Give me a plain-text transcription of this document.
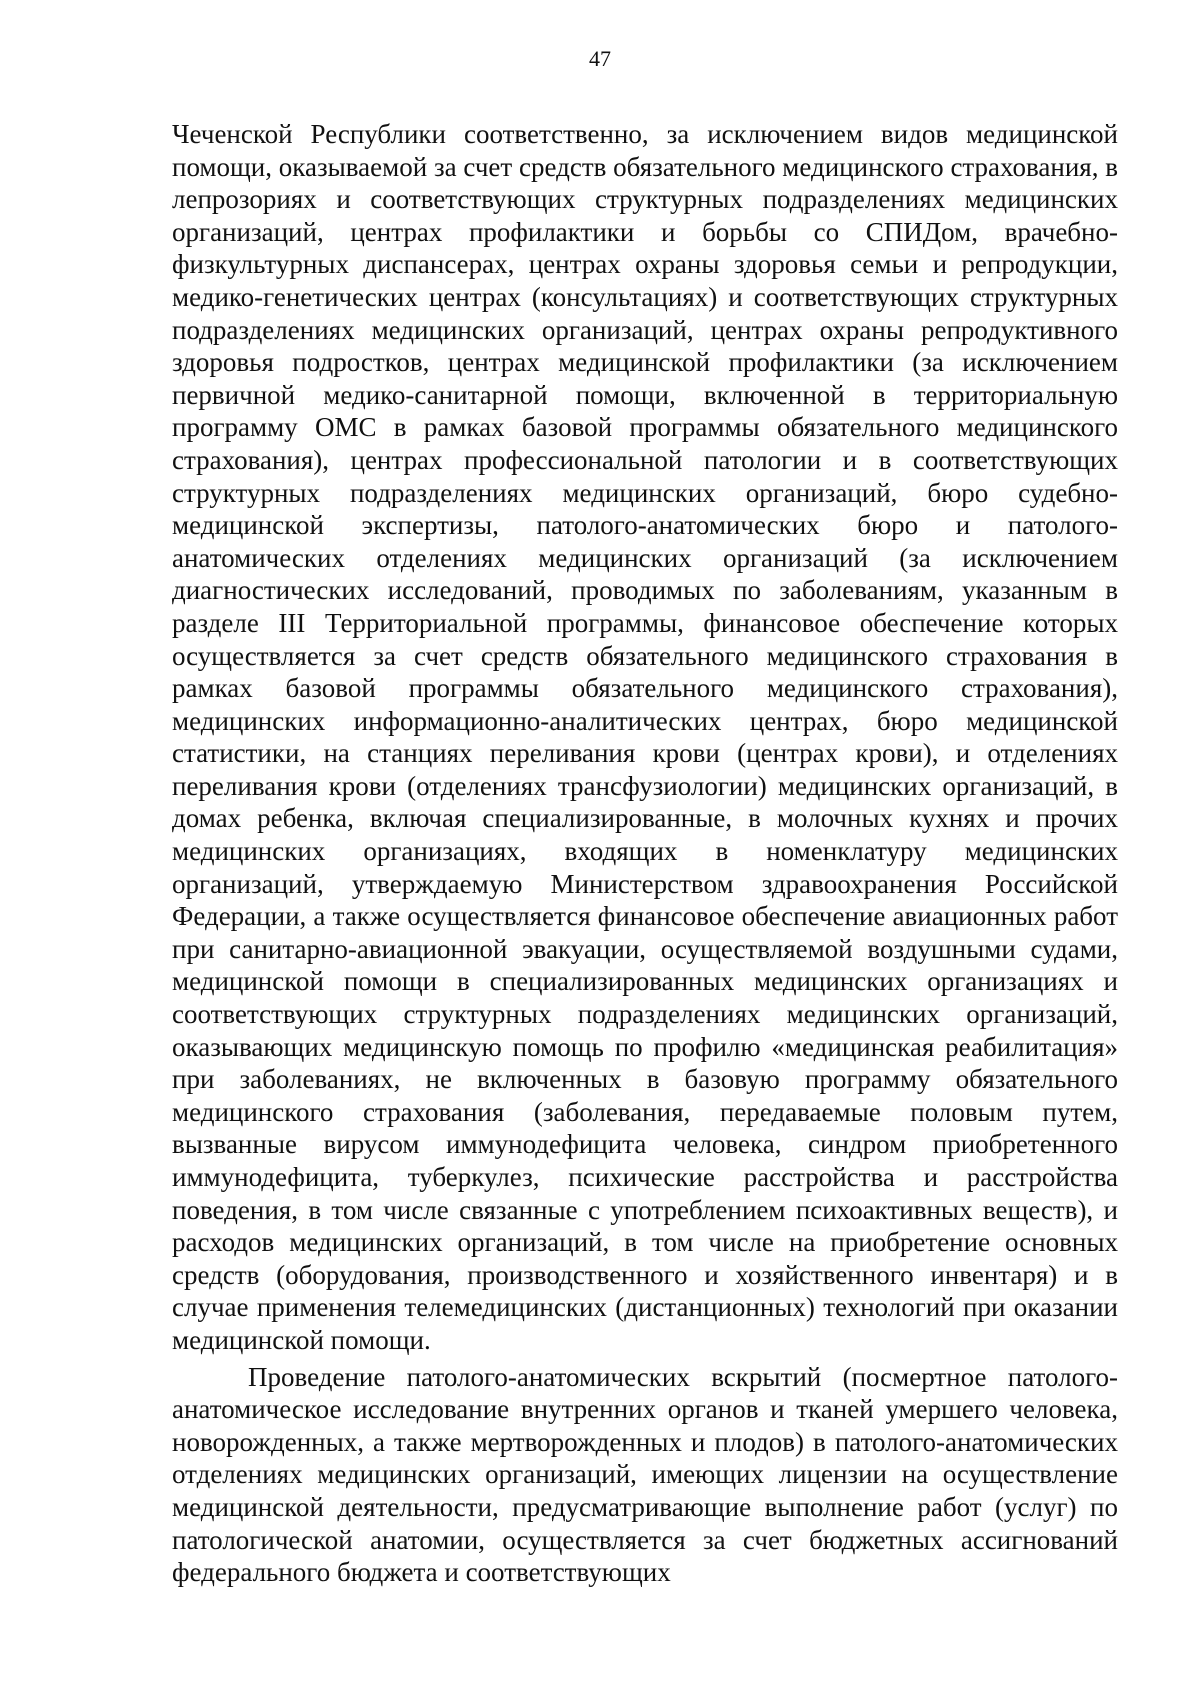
47

Чеченской Республики соответственно, за исключением видов медицинской помощи, оказываемой за счет средств обязательного медицинского страхования, в лепрозориях и соответствующих структурных подразделениях медицинских организаций, центрах профилактики и борьбы со СПИДом, врачебно-физкультурных диспансерах, центрах охраны здоровья семьи и репродукции, медико-генетических центрах (консультациях) и соответствующих структурных подразделениях медицинских организаций, центрах охраны репродуктивного здоровья подростков, центрах медицинской профилактики (за исключением первичной медико-санитарной помощи, включенной в территориальную программу ОМС в рамках базовой программы обязательного медицинского страхования), центрах профессиональной патологии и в соответствующих структурных подразделениях медицинских организаций, бюро судебно-медицинской экспертизы, патолого-анатомических бюро и патолого-анатомических отделениях медицинских организаций (за исключением диагностических исследований, проводимых по заболеваниям, указанным в разделе III Территориальной программы, финансовое обеспечение которых осуществляется за счет средств обязательного медицинского страхования в рамках базовой программы обязательного медицинского страхования), медицинских информационно-аналитических центрах, бюро медицинской статистики, на станциях переливания крови (центрах крови), и отделениях переливания крови (отделениях трансфузиологии) медицинских организаций, в домах ребенка, включая специализированные, в молочных кухнях и прочих медицинских организациях, входящих в номенклатуру медицинских организаций, утверждаемую Министерством здравоохранения Российской Федерации, а также осуществляется финансовое обеспечение авиационных работ при санитарно-авиационной эвакуации, осуществляемой воздушными судами, медицинской помощи в специализированных медицинских организациях и соответствующих структурных подразделениях медицинских организаций, оказывающих медицинскую помощь по профилю «медицинская реабилитация» при заболеваниях, не включенных в базовую программу обязательного медицинского страхования (заболевания, передаваемые половым путем, вызванные вирусом иммунодефицита человека, синдром приобретенного иммунодефицита, туберкулез, психические расстройства и расстройства поведения, в том числе связанные с употреблением психоактивных веществ), и расходов медицинских организаций, в том числе на приобретение основных средств (оборудования, производственного и хозяйственного инвентаря) и в случае применения телемедицинских (дистанционных) технологий при оказании медицинской помощи.

Проведение патолого-анатомических вскрытий (посмертное патолого-анатомическое исследование внутренних органов и тканей умершего человека, новорожденных, а также мертворожденных и плодов) в патолого-анатомических отделениях медицинских организаций, имеющих лицензии на осуществление медицинской деятельности, предусматривающие выполнение работ (услуг) по патологической анатомии, осуществляется за счет бюджетных ассигнований федерального бюджета и соответствующих
